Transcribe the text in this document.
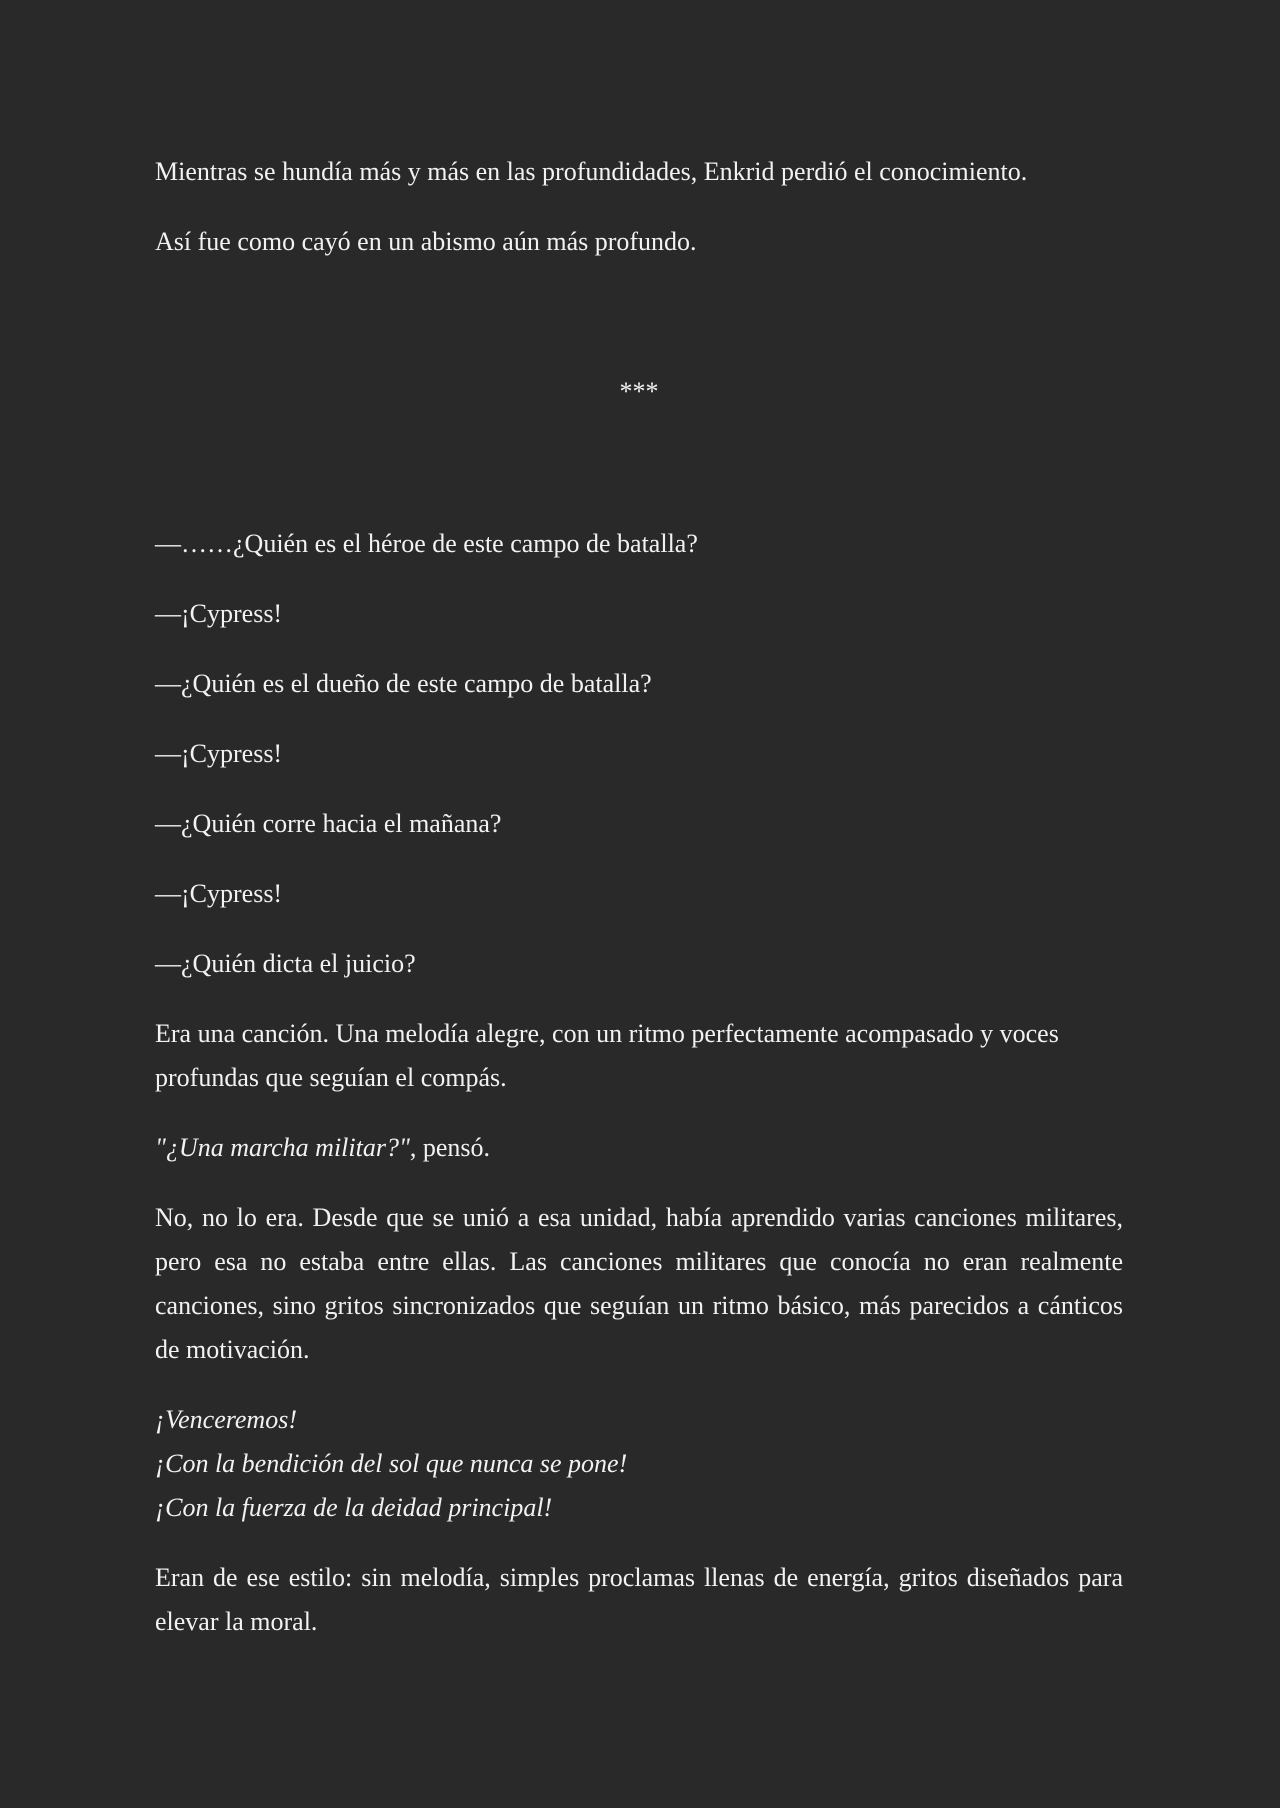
Mientras se hundía más y más en las profundidades, Enkrid perdió el conocimiento.

Así fue como cayó en un abismo aún más profundo.

***

—……¿Quién es el héroe de este campo de batalla?

—¡Cypress!

—¿Quién es el dueño de este campo de batalla?

—¡Cypress!

—¿Quién corre hacia el mañana?

—¡Cypress!

—¿Quién dicta el juicio?

Era una canción. Una melodía alegre, con un ritmo perfectamente acompasado y voces profundas que seguían el compás.

"¿Una marcha militar?", pensó.

No, no lo era. Desde que se unió a esa unidad, había aprendido varias canciones militares, pero esa no estaba entre ellas. Las canciones militares que conocía no eran realmente canciones, sino gritos sincronizados que seguían un ritmo básico, más parecidos a cánticos de motivación.

¡Venceremos!

¡Con la bendición del sol que nunca se pone!

¡Con la fuerza de la deidad principal!

Eran de ese estilo: sin melodía, simples proclamas llenas de energía, gritos diseñados para elevar la moral.
